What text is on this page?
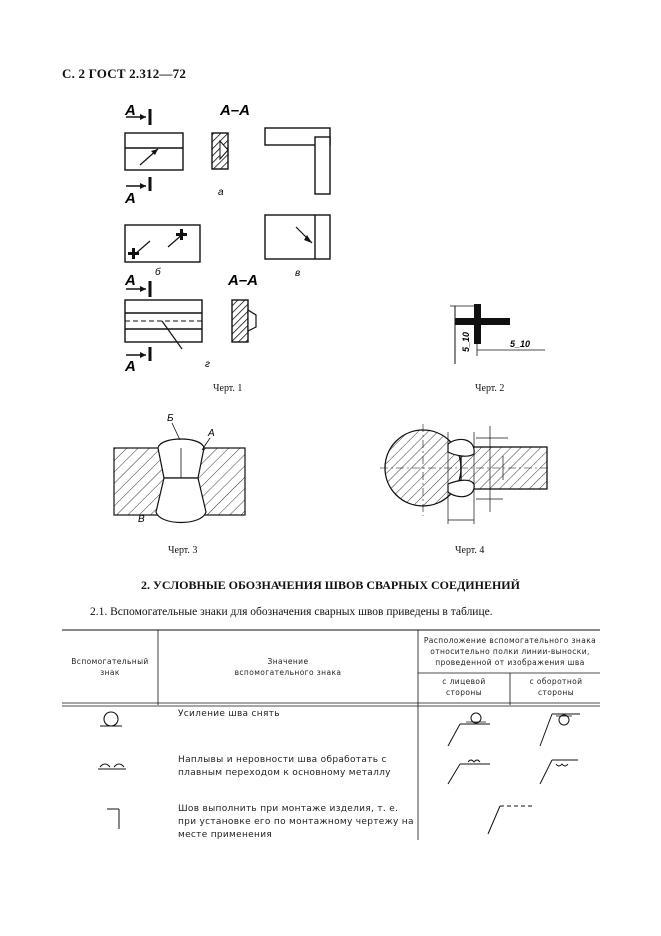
С. 2 ГОСТ 2.312—72
А–А
А
А	а
б	в
А	А–А
А	г
Черт. 1
5_10	5_10
Черт. 2
Б
А
В
Черт. 3	Черт. 4
2. УСЛОВНЫЕ ОБОЗНАЧЕНИЯ ШВОВ СВАРНЫХ СОЕДИНЕНИЙ
2.1. Вспомогательные знаки для обозначения сварных швов приведены в таблице.
Вспомогательный знак
Значение вспомогательного знака
Расположение вспомогательного знака относительно полки линии-выноски, проведенной от изображения шва
с лицевой стороны
с оборотной стороны
Усиление шва снять
Наплывы и неровности шва обработать с плавным переходом к основному металлу
Шов выполнить при монтаже изделия, т. е. при установке его по монтажному чертежу на месте применения
